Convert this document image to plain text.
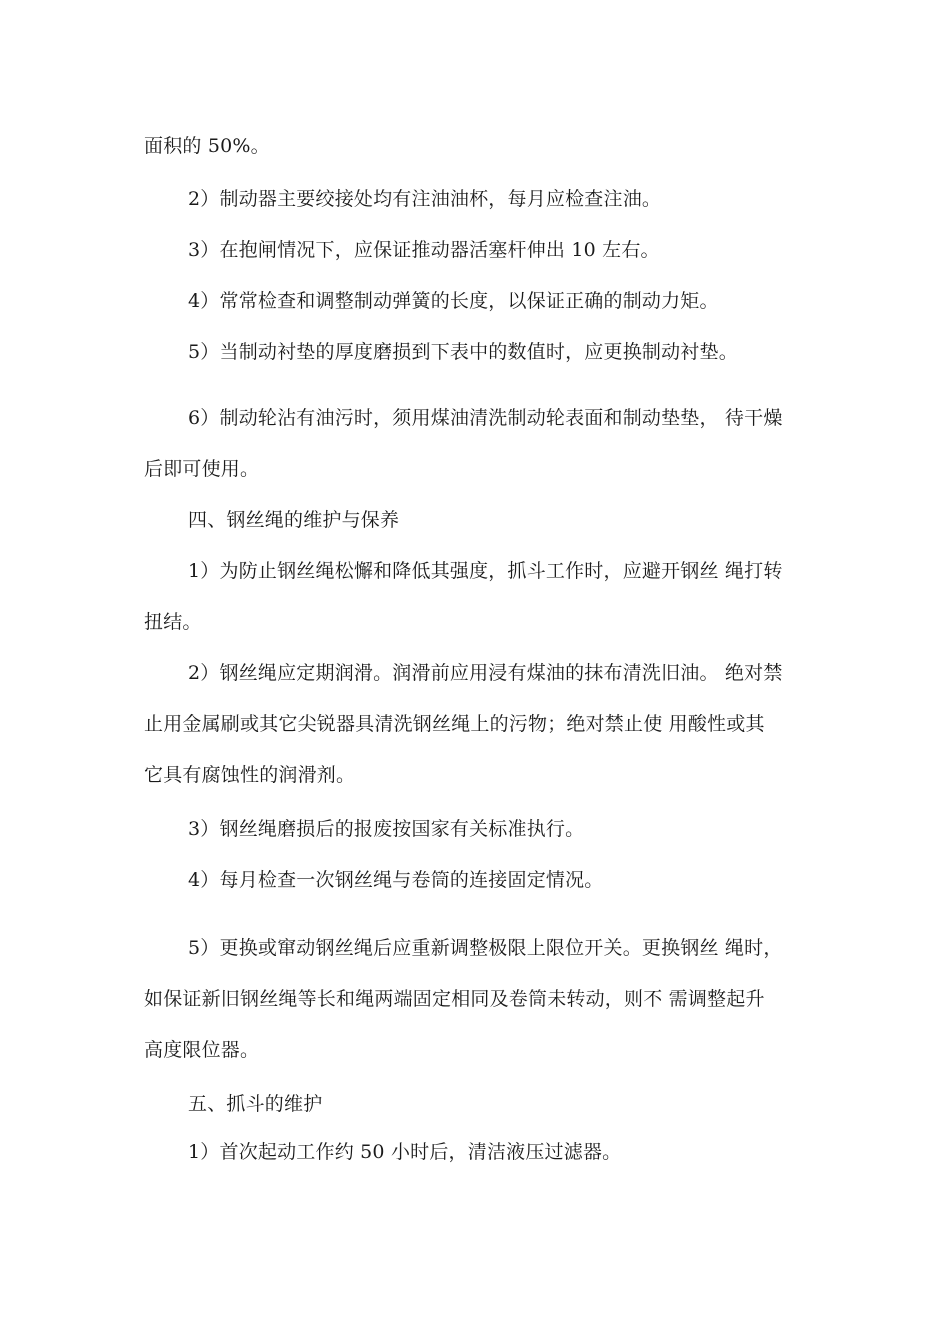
面积的 50%。
2）制动器主要绞接处均有注油油杯，每月应检查注油。
3）在抱闸情况下，应保证推动器活塞杆伸出 10 左右。
4）常常检查和调整制动弹簧的长度，以保证正确的制动力矩。
5）当制动衬垫的厚度磨损到下表中的数值时，应更换制动衬垫。
6）制动轮沾有油污时，须用煤油清洗制动轮表面和制动垫垫， 待干燥
后即可使用。
四、钢丝绳的维护与保养
1）为防止钢丝绳松懈和降低其强度，抓斗工作时，应避开钢丝 绳打转
扭结。
2）钢丝绳应定期润滑。润滑前应用浸有煤油的抹布清洗旧油。 绝对禁
止用金属刷或其它尖锐器具清洗钢丝绳上的污物；绝对禁止使 用酸性或其
它具有腐蚀性的润滑剂。
3）钢丝绳磨损后的报废按国家有关标准执行。
4）每月检查一次钢丝绳与卷筒的连接固定情况。
5）更换或窜动钢丝绳后应重新调整极限上限位开关。更换钢丝 绳时，
如保证新旧钢丝绳等长和绳两端固定相同及卷筒未转动，则不 需调整起升
高度限位器。
五、抓斗的维护
1）首次起动工作约 50 小时后，清洁液压过滤器。
